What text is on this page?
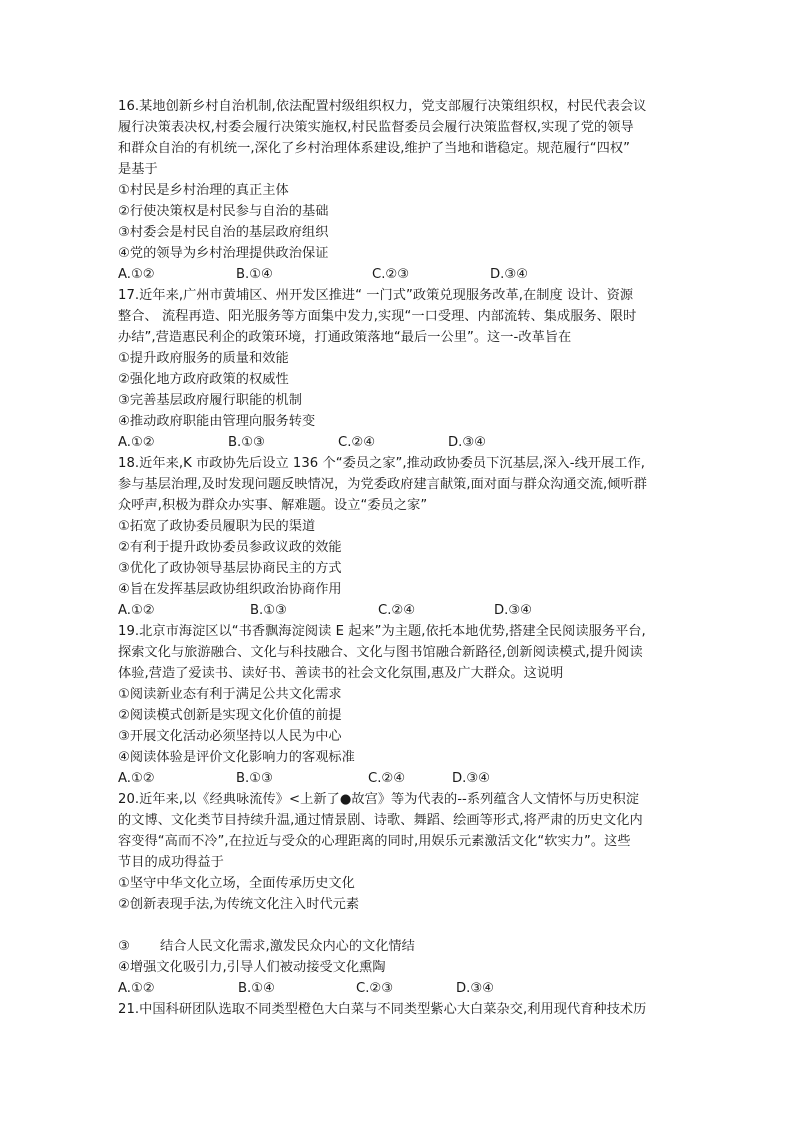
16.某地创新乡村自治机制,依法配置村级组织权力，党支部履行决策组织权，村民代表会议
履行决策表决权,村委会履行决策实施权,村民监督委员会履行决策监督权,实现了党的领导
和群众自治的有机统一,深化了乡村治理体系建设,维护了当地和谐稳定。规范履行“四权”
是基于
①村民是乡村治理的真正主体
②行使决策权是村民参与自治的基础
③村委会是村民自治的基层政府组织
④党的领导为乡村治理提供政治保证
A.①②	B.①④	C.②③	D.③④
17.近年来,广州市黄埔区、州开发区推进“ 一门式”政策兑现服务改革,在制度 设计、资源
整合、 流程再造、阳光服务等方面集中发力,实现“一口受理、内部流转、集成服务、限时
办结”,营造惠民利企的政策环境，打通政策落地“最后一公里”。这一-改革旨在
①提升政府服务的质量和效能
②强化地方政府政策的权威性
③完善基层政府履行职能的机制
④推动政府职能由管理向服务转变
A.①②	B.①③	C.②④	D.③④
18.近年来,K 市政协先后设立 136 个“委员之家”,推动政协委员下沉基层,深入-线开展工作,
参与基层治理,及时发现问题反映情况，为党委政府建言献策,面对面与群众沟通交流,倾听群
众呼声,积极为群众办实事、解难题。设立“委员之家”
①拓宽了政协委员履职为民的渠道
②有利于提升政协委员参政议政的效能
③优化了政协领导基层协商民主的方式
④旨在发挥基层政协组织政治协商作用
A.①②	B.①③	C.②④	D.③④
19.北京市海淀区以“书香飘海淀阅读 E 起来”为主题,依托本地优势,搭建全民阅读服务平台,
探索文化与旅游融合、文化与科技融合、文化与图书馆融合新路径,创新阅读模式,提升阅读
体验,营造了爱读书、读好书、善读书的社会文化氛围,惠及广大群众。这说明
①阅读新业态有利于满足公共文化需求
②阅读模式创新是实现文化价值的前提
③开展文化活动必须坚持以人民为中心
④阅读体验是评价文化影响力的客观标准
A.①②	B.①③	C.②④	D.③④
20.近年来,以《经典咏流传》<上新了●故宫》等为代表的--系列蕴含人文情怀与历史积淀
的文博、文化类节目持续升温,通过情景剧、诗歌、舞蹈、绘画等形式,将严肃的历史文化内
容变得“高而不冷”,在拉近与受众的心理距离的同时,用娱乐元素激活文化“软实力”。这些
节目的成功得益于
①坚守中华文化立场，全面传承历史文化
②创新表现手法,为传统文化注入时代元素
③	结合人民文化需求,激发民众内心的文化情结
④增强文化吸引力,引导人们被动接受文化熏陶
A.①②	B.①④	C.②③	D.③④
21.中国科研团队选取不同类型橙色大白菜与不同类型紫心大白菜杂交,利用现代育种技术历
